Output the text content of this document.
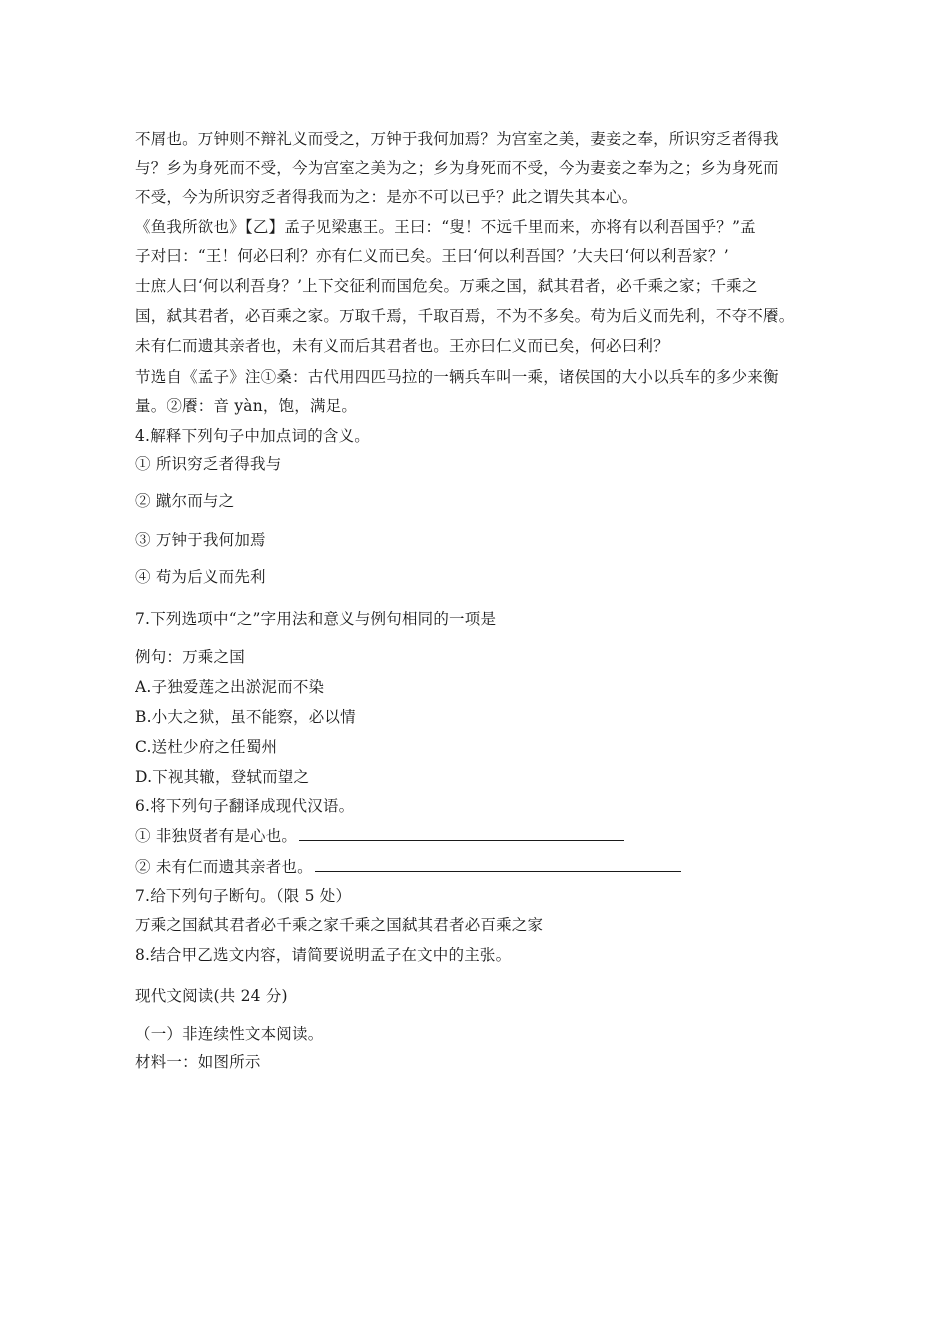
不屑也。万钟则不辩礼义而受之，万钟于我何加焉？为宫室之美，妻妾之奉，所识穷乏者得我
与？乡为身死而不受，今为宫室之美为之；乡为身死而不受，今为妻妾之奉为之；乡为身死而
不受，今为所识穷乏者得我而为之：是亦不可以已乎？此之谓失其本心。
《鱼我所欲也》【乙】孟子见梁惠王。王曰：“叟！不远千里而来，亦将有以利吾国乎？”孟
子对曰：“王！何必曰利？亦有仁义而已矣。王曰‘何以利吾国？’大夫曰‘何以利吾家？’
士庶人曰‘何以利吾身？’上下交征利而国危矣。万乘之国，弑其君者，必千乘之家；千乘之
国，弑其君者，必百乘之家。万取千焉，千取百焉，不为不多矣。苟为后义而先利，不夺不餍。
未有仁而遗其亲者也，未有义而后其君者也。王亦曰仁义而已矣，何必曰利？
节选自《孟子》注①桑：古代用四匹马拉的一辆兵车叫一乘，诸侯国的大小以兵车的多少来衡
量。②餍：音 yàn，饱，满足。
4.解释下列句子中加点词的含义。
① 所识穷乏者得我与
② 蹴尔而与之
③ 万钟于我何加焉
④ 苟为后义而先利
7.下列选项中“之”字用法和意义与例句相同的一项是
例句：万乘之国
A.子独爱莲之出淤泥而不染
B.小大之狱，虽不能察，必以情
C.送杜少府之任蜀州
D.下视其辙，登轼而望之
6.将下列句子翻译成现代汉语。
① 非独贤者有是心也。
② 未有仁而遗其亲者也。
7.给下列句子断句。（限 5 处）
万乘之国弑其君者必千乘之家千乘之国弑其君者必百乘之家
8.结合甲乙选文内容，请简要说明孟子在文中的主张。
现代文阅读(共 24 分)
（一）非连续性文本阅读。
材料一：如图所示
